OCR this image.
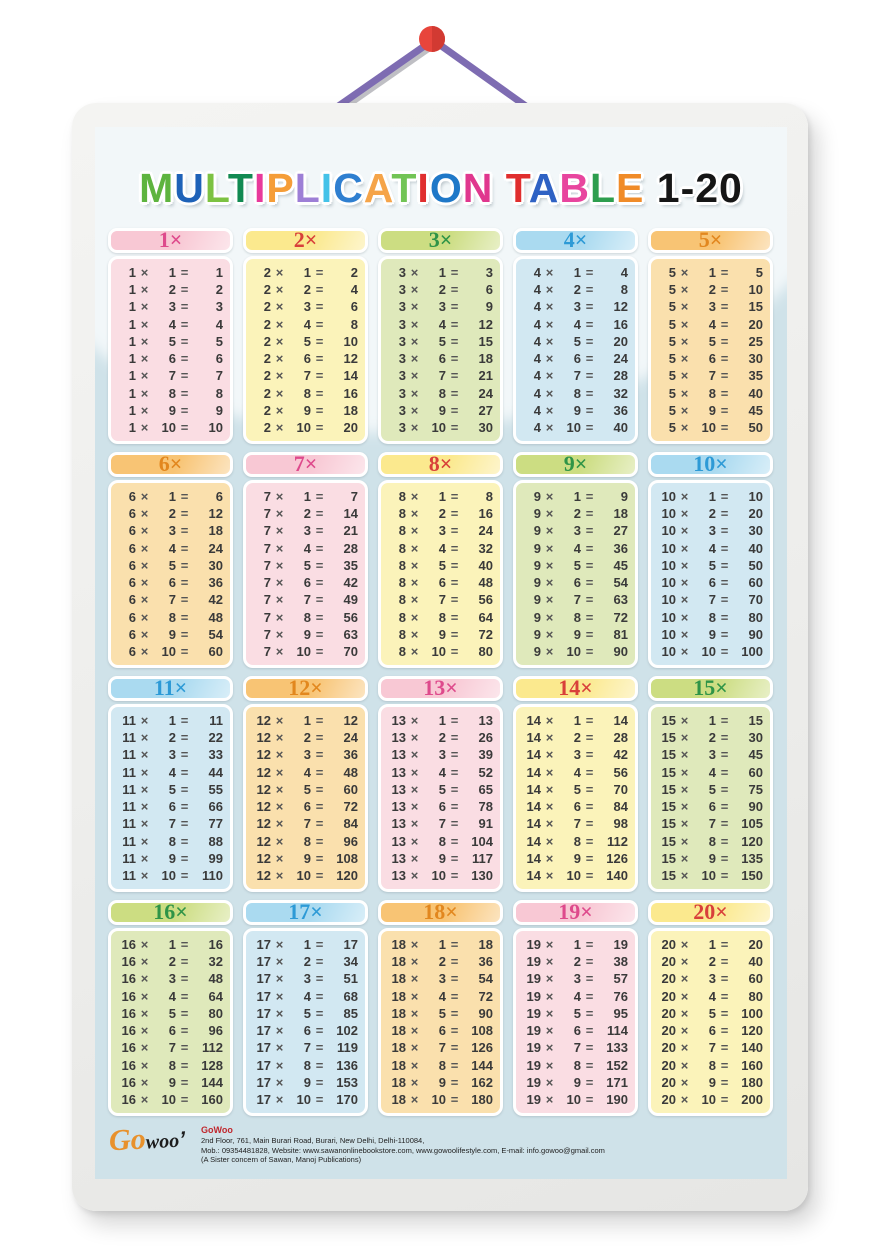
MULTIPLICATION TABLE 1-20
1×
1 ×	1 =	1
1 ×	2 =	2
1 ×	3 =	3
1 ×	4 =	4
1 ×	5 =	5
1 ×	6 =	6
1 ×	7 =	7
1 ×	8 =	8
1 ×	9 =	9
1 ×	10 =	10
2×
2 ×	1 =	2
2 ×	2 =	4
2 ×	3 =	6
2 ×	4 =	8
2 ×	5 =	10
2 ×	6 =	12
2 ×	7 =	14
2 ×	8 =	16
2 ×	9 =	18
2 ×	10 =	20
3×
3 ×	1 =	3
3 ×	2 =	6
3 ×	3 =	9
3 ×	4 =	12
3 ×	5 =	15
3 ×	6 =	18
3 ×	7 =	21
3 ×	8 =	24
3 ×	9 =	27
3 ×	10 =	30
4×
4 ×	1 =	4
4 ×	2 =	8
4 ×	3 =	12
4 ×	4 =	16
4 ×	5 =	20
4 ×	6 =	24
4 ×	7 =	28
4 ×	8 =	32
4 ×	9 =	36
4 ×	10 =	40
5×
5 ×	1 =	5
5 ×	2 =	10
5 ×	3 =	15
5 ×	4 =	20
5 ×	5 =	25
5 ×	6 =	30
5 ×	7 =	35
5 ×	8 =	40
5 ×	9 =	45
5 ×	10 =	50
6×
6 ×	1 =	6
6 ×	2 =	12
6 ×	3 =	18
6 ×	4 =	24
6 ×	5 =	30
6 ×	6 =	36
6 ×	7 =	42
6 ×	8 =	48
6 ×	9 =	54
6 ×	10 =	60
7×
7 ×	1 =	7
7 ×	2 =	14
7 ×	3 =	21
7 ×	4 =	28
7 ×	5 =	35
7 ×	6 =	42
7 ×	7 =	49
7 ×	8 =	56
7 ×	9 =	63
7 ×	10 =	70
8×
8 ×	1 =	8
8 ×	2 =	16
8 ×	3 =	24
8 ×	4 =	32
8 ×	5 =	40
8 ×	6 =	48
8 ×	7 =	56
8 ×	8 =	64
8 ×	9 =	72
8 ×	10 =	80
9×
9 ×	1 =	9
9 ×	2 =	18
9 ×	3 =	27
9 ×	4 =	36
9 ×	5 =	45
9 ×	6 =	54
9 ×	7 =	63
9 ×	8 =	72
9 ×	9 =	81
9 ×	10 =	90
10×
10 ×	1 =	10
10 ×	2 =	20
10 ×	3 =	30
10 ×	4 =	40
10 ×	5 =	50
10 ×	6 =	60
10 ×	7 =	70
10 ×	8 =	80
10 ×	9 =	90
10 ×	10 =	100
11×
11 ×	1 =	11
11 ×	2 =	22
11 ×	3 =	33
11 ×	4 =	44
11 ×	5 =	55
11 ×	6 =	66
11 ×	7 =	77
11 ×	8 =	88
11 ×	9 =	99
11 ×	10 =	110
12×
12 ×	1 =	12
12 ×	2 =	24
12 ×	3 =	36
12 ×	4 =	48
12 ×	5 =	60
12 ×	6 =	72
12 ×	7 =	84
12 ×	8 =	96
12 ×	9 =	108
12 ×	10 =	120
13×
13 ×	1 =	13
13 ×	2 =	26
13 ×	3 =	39
13 ×	4 =	52
13 ×	5 =	65
13 ×	6 =	78
13 ×	7 =	91
13 ×	8 =	104
13 ×	9 =	117
13 ×	10 =	130
14×
14 ×	1 =	14
14 ×	2 =	28
14 ×	3 =	42
14 ×	4 =	56
14 ×	5 =	70
14 ×	6 =	84
14 ×	7 =	98
14 ×	8 =	112
14 ×	9 =	126
14 ×	10 =	140
15×
15 ×	1 =	15
15 ×	2 =	30
15 ×	3 =	45
15 ×	4 =	60
15 ×	5 =	75
15 ×	6 =	90
15 ×	7 =	105
15 ×	8 =	120
15 ×	9 =	135
15 ×	10 =	150
16×
16 ×	1 =	16
16 ×	2 =	32
16 ×	3 =	48
16 ×	4 =	64
16 ×	5 =	80
16 ×	6 =	96
16 ×	7 =	112
16 ×	8 =	128
16 ×	9 =	144
16 ×	10 =	160
17×
17 ×	1 =	17
17 ×	2 =	34
17 ×	3 =	51
17 ×	4 =	68
17 ×	5 =	85
17 ×	6 =	102
17 ×	7 =	119
17 ×	8 =	136
17 ×	9 =	153
17 ×	10 =	170
18×
18 ×	1 =	18
18 ×	2 =	36
18 ×	3 =	54
18 ×	4 =	72
18 ×	5 =	90
18 ×	6 =	108
18 ×	7 =	126
18 ×	8 =	144
18 ×	9 =	162
18 ×	10 =	180
19×
19 ×	1 =	19
19 ×	2 =	38
19 ×	3 =	57
19 ×	4 =	76
19 ×	5 =	95
19 ×	6 =	114
19 ×	7 =	133
19 ×	8 =	152
19 ×	9 =	171
19 ×	10 =	190
20×
20 ×	1 =	20
20 ×	2 =	40
20 ×	3 =	60
20 ×	4 =	80
20 ×	5 =	100
20 ×	6 =	120
20 ×	7 =	140
20 ×	8 =	160
20 ×	9 =	180
20 ×	10 =	200
Gowoo’	GoWoo
2nd Floor, 761, Main Burari Road, Burari, New Delhi, Delhi-110084,
Mob.: 09354481828, Website: www.sawanonlinebookstore.com, www.gowoolifestyle.com, E-mail: info.gowoo@gmail.com
(A Sister concern of Sawan, Manoj Publications)
